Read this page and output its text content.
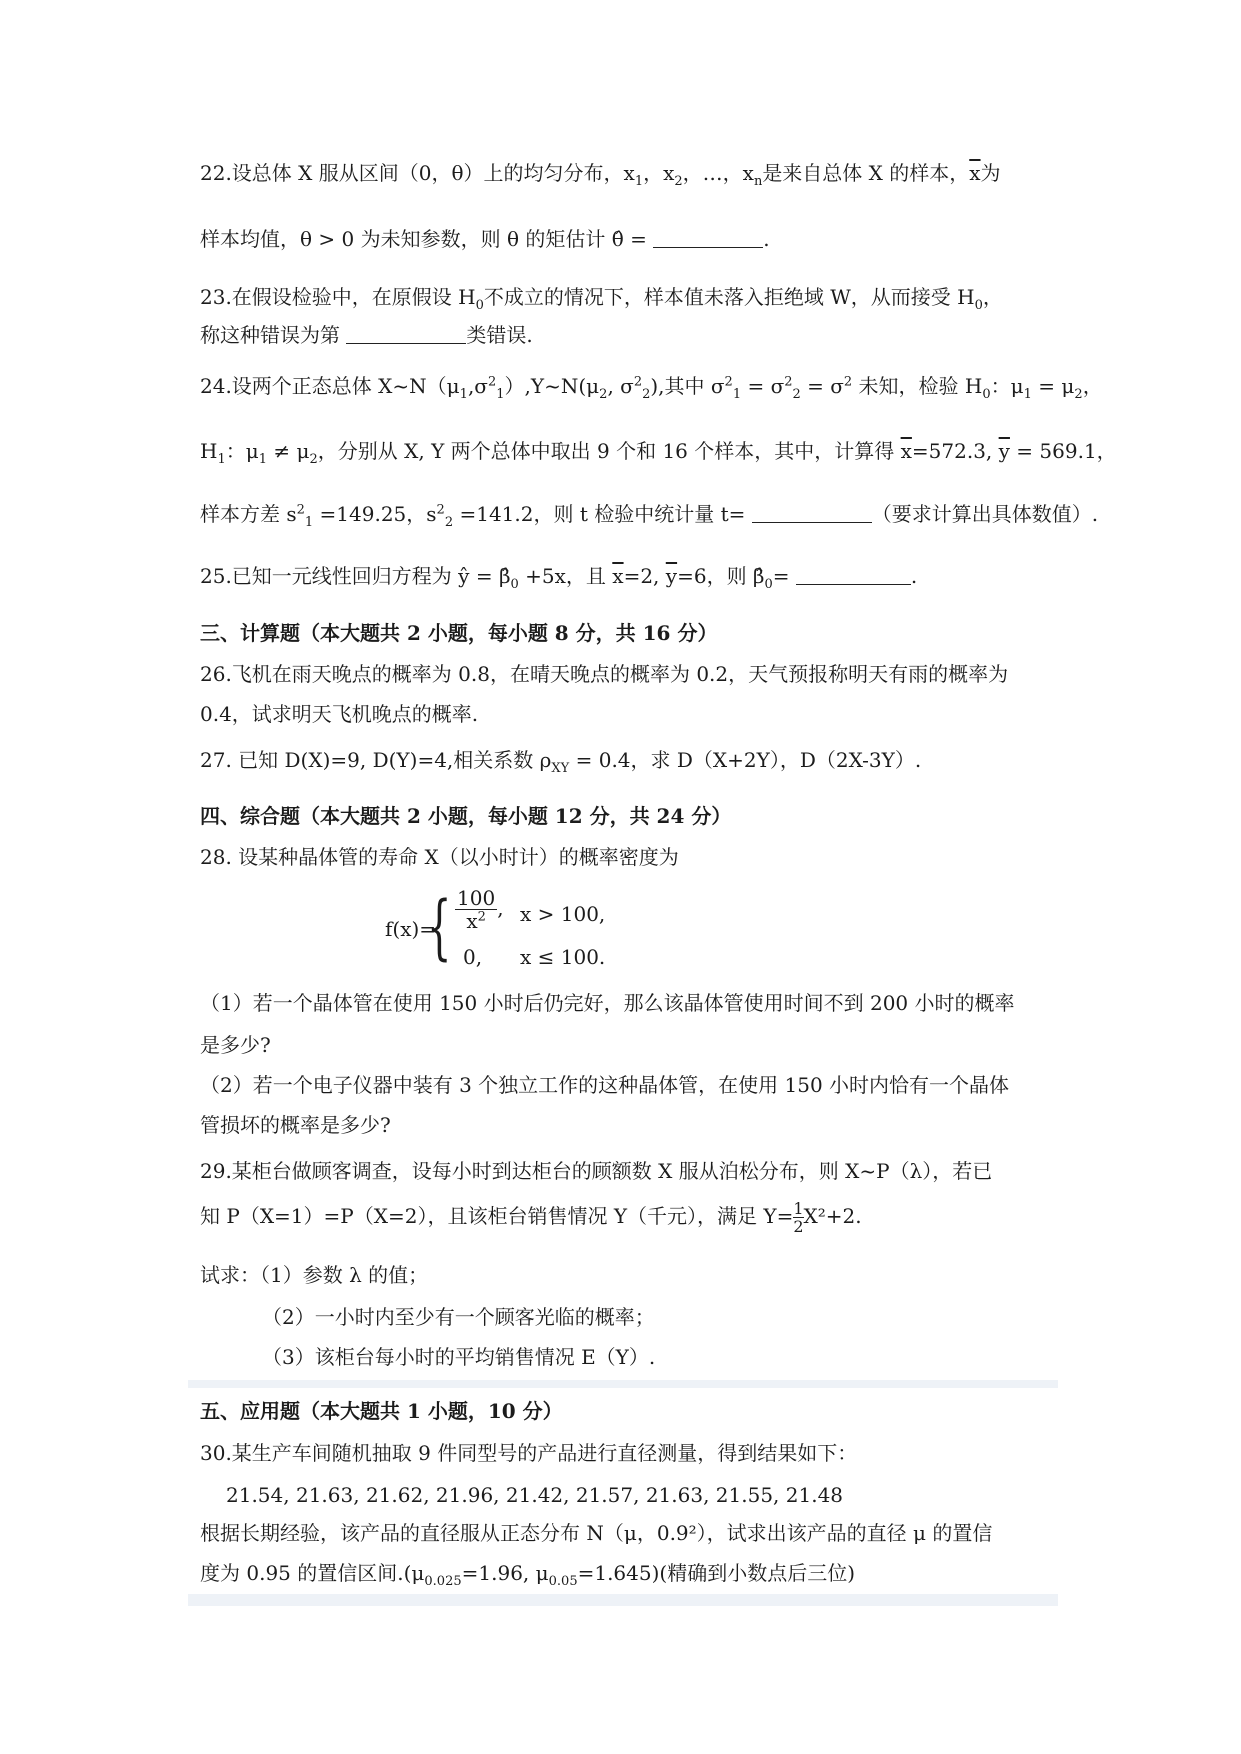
22.设总体 X 服从区间（0，θ）上的均匀分布，$x_1$，$x_2$，…，$x_n$是来自总体 X 的样本，$\overline{x}$为
样本均值，θ > 0 为未知参数，则 θ 的矩估计 θ̂ =	.
23.在假设检验中，在原假设 $H_0$不成立的情况下，样本值未落入拒绝域 W，从而接受 $H_0$，
称这种错误为第	类错误.
24.设两个正态总体 $X\sim N(\mu_1,\sigma^2_1),Y\sim N(\mu_2$, $\sigma^2_2$),其中 $\sigma^2_1 = \sigma^2_2 = \sigma^2$ 未知，检验 $H_0$：$\mu_1 = \mu_2$，
$H_1$：$\mu_1 \ne \mu_2$，分别从 X, Y 两个总体中取出 9 个和 16 个样本，其中，计算得 $\overline{x}=572.3$, $\overline{y} = 569.1$，
样本方差 $s^2_1 =149.25$，$s^2_2 =141.2$，则 t 检验中统计量 t=	（要求计算出具体数值）.
25.已知一元线性回归方程为 ŷ = $\betâ_0 +5x$，且 $\overline{x}=2$, $\overline{y}=6$，则 $\betâ_0=$	.
三、计算题（本大题共 2 小题，每小题 8 分，共 16 分）
26.飞机在雨天晚点的概率为 0.8，在晴天晚点的概率为 0.2，天气预报称明天有雨的概率为
0.4，试求明天飞机晚点的概率.
27. 已知 D(X)=9, D(Y)=4,相关系数 $\rho_{XY} = 0.4$，求 D（X+2Y），D（2X-3Y）.
四、综合题（本大题共 2 小题，每小题 12 分，共 24 分）
28. 设某种晶体管的寿命 X（以小时计）的概率密度为
f(x)=
{ $\frac{100}{x^2}$ , x > 100,
0, x ≤ 100.
（1）若一个晶体管在使用 150 小时后仍完好，那么该晶体管使用时间不到 200 小时的概率
是多少?
（2）若一个电子仪器中装有 3 个独立工作的这种晶体管，在使用 150 小时内恰有一个晶体
管损坏的概率是多少?
29.某柜台做顾客调查，设每小时到达柜台的顾额数 X 服从泊松分布，则 X~P（λ），若已
知 P（X=1）=P（X=2），且该柜台销售情况 Y（千元），满足 $Y= \frac{1}{2} X^2+2$.
试求：（1）参数 λ 的值；
（2）一小时内至少有一个顾客光临的概率；
（3）该柜台每小时的平均销售情况 E（Y）.
五、应用题（本大题共 1 小题，10 分）
30.某生产车间随机抽取 9 件同型号的产品进行直径测量，得到结果如下：
21.54, 21.63, 21.62, 21.96, 21.42, 21.57, 21.63, 21.55, 21.48
根据长期经验，该产品的直径服从正态分布 N（μ，0.9²），试求出该产品的直径 μ 的置信
度为 0.95 的置信区间$.(\mu_{0.025}=1.96$, $\mu_{0.05}=1.645$)(精确到小数点后三位)
